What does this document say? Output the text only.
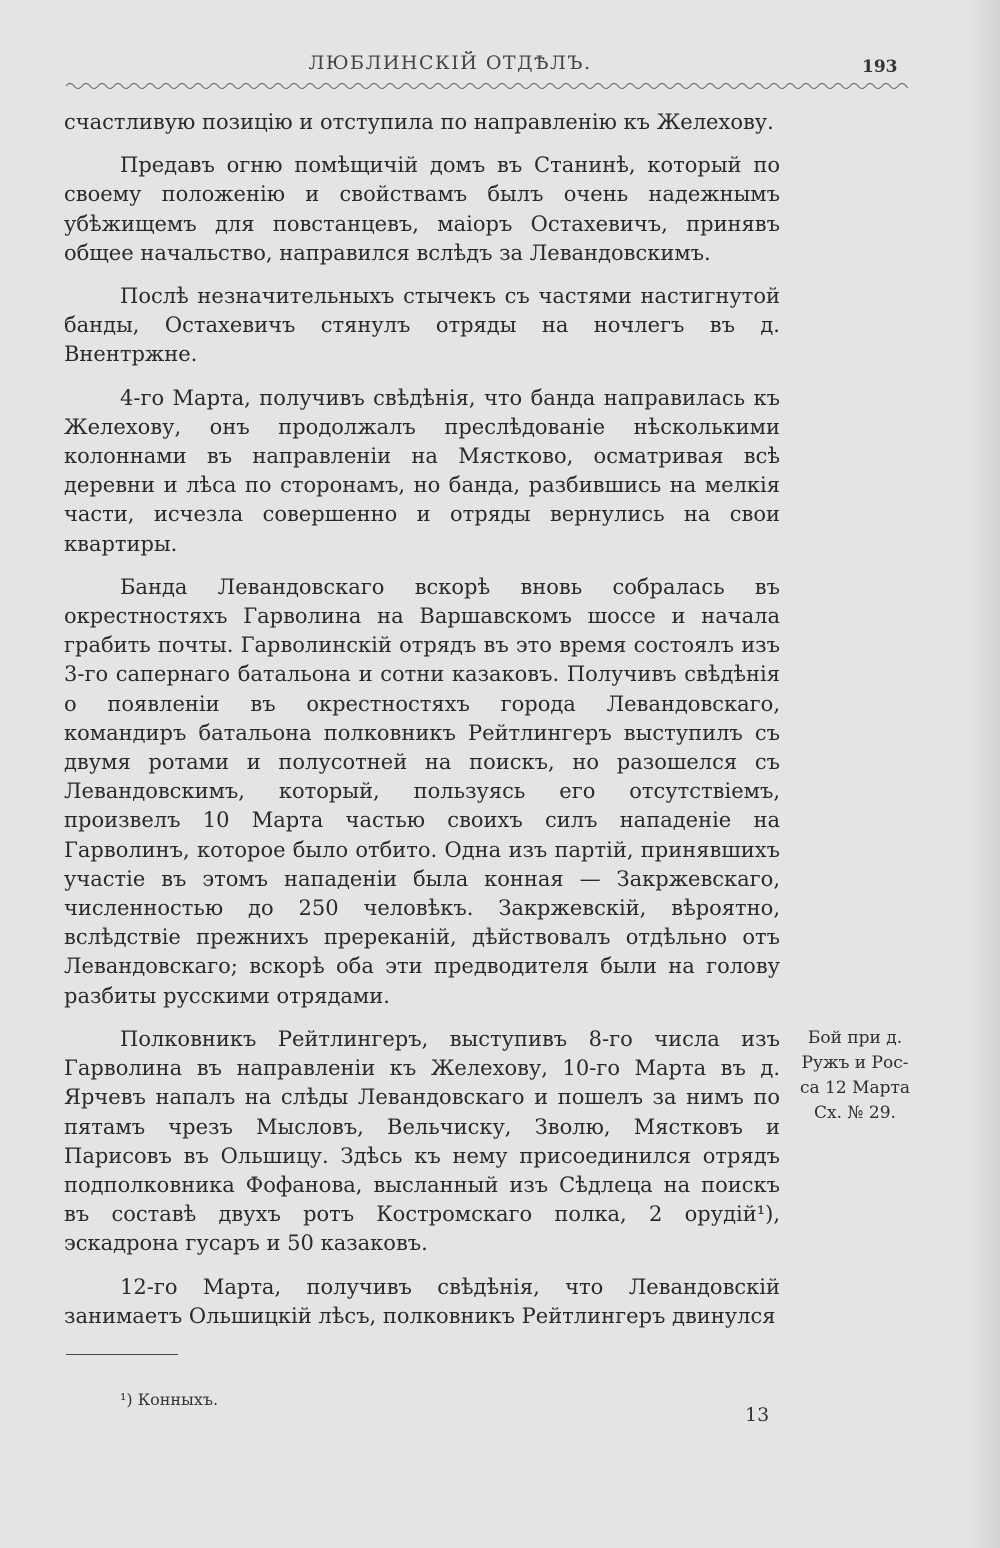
ЛЮБЛИНСКІЙ ОТДѢЛЪ.	193

счастливую позицію и отступила по направленію къ Желехову.

Предавъ огню помѣщичій домъ въ Станинѣ, который по своему положенію и свойствамъ былъ очень надежнымъ убѣжищемъ для повстанцевъ, маіоръ Остахевичъ, принявъ общее начальство, направился вслѣдъ за Левандовскимъ.

Послѣ незначительныхъ стычекъ съ частями настигнутой банды, Остахевичъ стянулъ отряды на ночлегъ въ д. Внентржне.

4-го Марта, получивъ свѣдѣнія, что банда направилась къ Желехову, онъ продолжалъ преслѣдованіе нѣсколькими колоннами въ направленіи на Мястково, осматривая всѣ деревни и лѣса по сторонамъ, но банда, разбившись на мелкія части, исчезла совершенно и отряды вернулись на свои квартиры.

Банда Левандовскаго вскорѣ вновь собралась въ окрестностяхъ Гарволина на Варшавскомъ шоссе и начала грабить почты. Гарволинскій отрядъ въ это время состоялъ изъ 3-го сапернаго батальона и сотни казаковъ. Получивъ свѣдѣнія о появленіи въ окрестностяхъ города Левандовскаго, командиръ батальона полковникъ Рейтлингеръ выступилъ съ двумя ротами и полусотней на поискъ, но разошелся съ Левандовскимъ, который, пользуясь его отсутствіемъ, произвелъ 10 Марта частью своихъ силъ нападеніе на Гарволинъ, которое было отбито. Одна изъ партій, принявшихъ участіе въ этомъ нападеніи была конная — Закржевскаго, численностью до 250 человѣкъ. Закржевскій, вѣроятно, вслѣдствіе прежнихъ пререканій, дѣйствовалъ отдѣльно отъ Левандовскаго; вскорѣ оба эти предводителя были на голову разбиты русскими отрядами.

Полковникъ Рейтлингеръ, выступивъ 8-го числа изъ Гарволина въ направленіи къ Желехову, 10-го Марта въ д. Ярчевъ напалъ на слѣды Левандовскаго и пошелъ за нимъ по пятамъ чрезъ Мысловъ, Вельчиску, Зволю, Мястковъ и Парисовъ въ Ольшицу. Здѣсь къ нему присоединился отрядъ подполковника Фофанова, высланный изъ Сѣдлеца на поискъ въ составѣ двухъ ротъ Костромскаго полка, 2 орудій¹), эскадрона гусаръ и 50 казаковъ.

12-го Марта, получивъ свѣдѣнія, что Левандовскій занимаетъ Ольшицкій лѣсъ, полковникъ Рейтлингеръ двинулся

Бой при д.
Ружъ и Рос-
са 12 Марта
Сх. № 29.
¹) Конныхъ.
13
